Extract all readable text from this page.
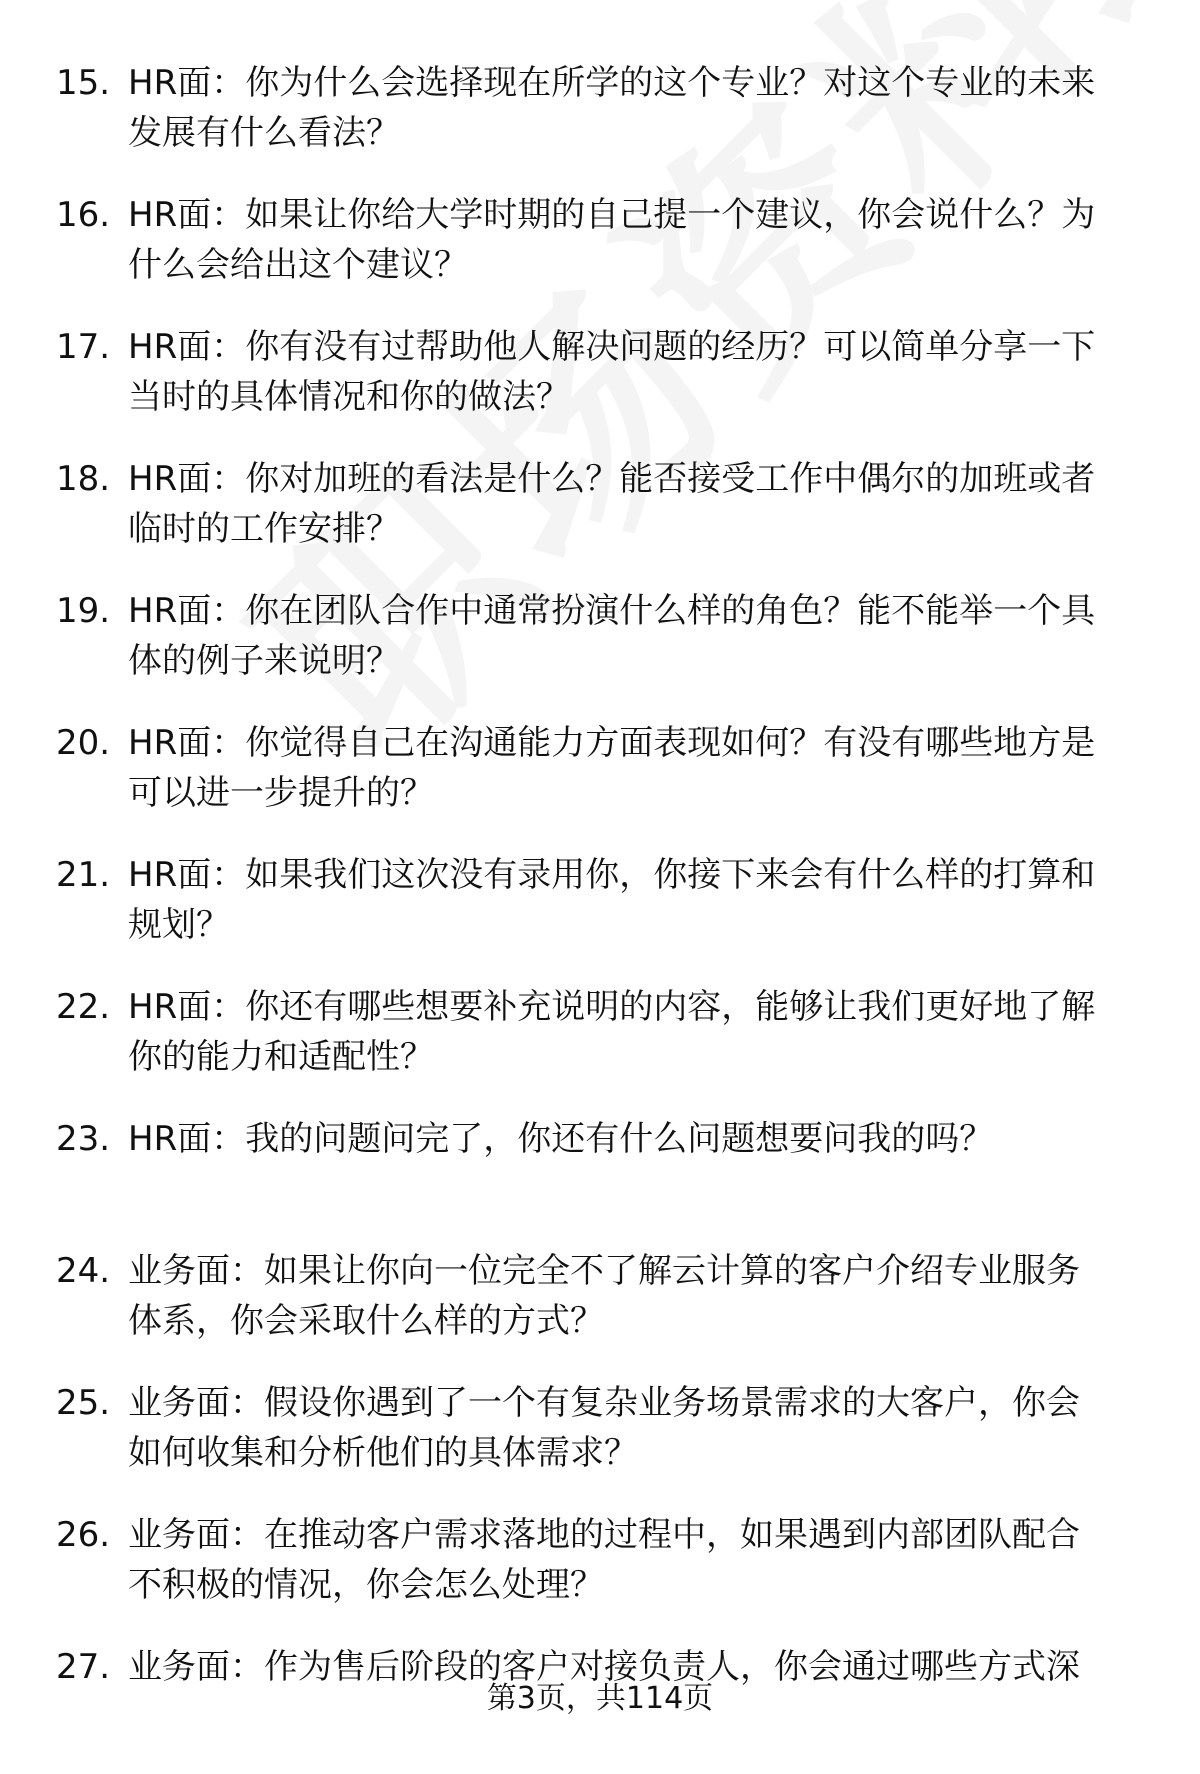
15. HR面：你为什么会选择现在所学的这个专业？对这个专业的未来
发展有什么看法？
16. HR面：如果让你给大学时期的自己提一个建议，你会说什么？为
什么会给出这个建议？
17. HR面：你有没有过帮助他人解决问题的经历？可以简单分享一下
当时的具体情况和你的做法？
18. HR面：你对加班的看法是什么？能否接受工作中偶尔的加班或者
临时的工作安排？
19. HR面：你在团队合作中通常扮演什么样的角色？能不能举一个具
体的例子来说明？
20. HR面：你觉得自己在沟通能力方面表现如何？有没有哪些地方是
可以进一步提升的？
21. HR面：如果我们这次没有录用你，你接下来会有什么样的打算和
规划？
22. HR面：你还有哪些想要补充说明的内容，能够让我们更好地了解
你的能力和适配性？
23. HR面：我的问题问完了，你还有什么问题想要问我的吗？
24. 业务面：如果让你向一位完全不了解云计算的客户介绍专业服务
体系，你会采取什么样的方式？
25. 业务面：假设你遇到了一个有复杂业务场景需求的大客户，你会
如何收集和分析他们的具体需求？
26. 业务面：在推动客户需求落地的过程中，如果遇到内部团队配合
不积极的情况，你会怎么处理？
27. 业务面：作为售后阶段的客户对接负责人，你会通过哪些方式深
第3页，共114页
